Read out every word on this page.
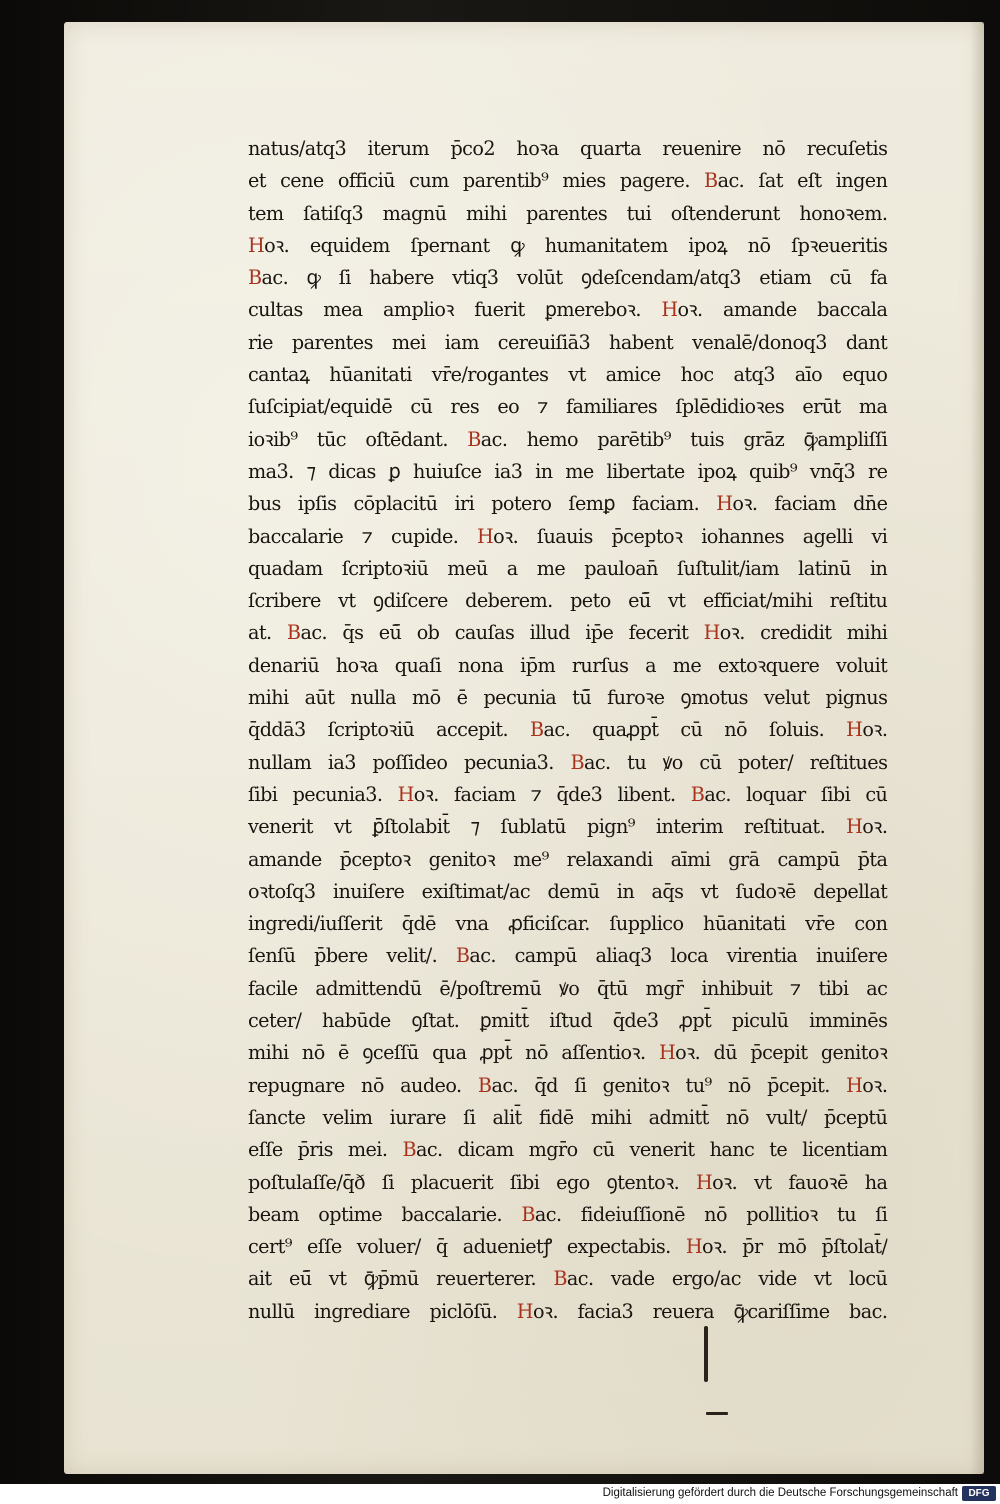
natus/atq3 iterum p̄co2 hoꝛa quarta reuenire nō recuſetis
et cene officiū cum parentib⁹ mies pagere. Bac. ſat eſt ingen
tem ſatiſq3 magnū mihi parentes tui oſtenderunt honoꝛem.
Hoꝛ. equidem ſpernant ꝙ humanitatem ipoꝝ nō ſpꝛeueritis
Bac. ꝙ ſi habere vtiq3 volūt ꝯdeſcendam/atq3 etiam cū fa
cultas mea amplioꝛ fuerit ꝑmereboꝛ. Hoꝛ. amande baccala
rie parentes mei iam cereuiſiā3 habent venalē/donoq3 dant
cantaꝝ hūanitati vr̄e/rogantes vt amice hoc atq3 aīo equo
ſuſcipiat/equidē cū res eo ⁊ familiares ſplēdidioꝛes erūt ma
ioꝛib⁹ tūc oſtēdant. Bac. hemo parētib⁹ tuis grāz ꝙ̄ampliſſi
ma3. ⁊ dicas ꝑ huiuſce ia3 in me libertate ipoꝝ quib⁹ vnq̄3 re
bus ipſis cōplacitū iri potero ſemꝑ faciam. Hoꝛ. faciam dn̄e
baccalarie ⁊ cupide. Hoꝛ. ſuauis p̄ceptoꝛ iohannes agelli vi
quadam ſcriptoꝛiū meū a me pauloan̄ ſuſtulit/iam latinū in
ſcribere vt ꝯdiſcere deberem. peto eū̄ vt efficiat/mihi reſtitu
at. Bac. q̄s eū̄ ob cauſas illud ip̄e fecerit Hoꝛ. credidit mihi
denariū hoꝛa quaſi nona ip̄m rurſus a me extoꝛquere voluit
mihi aūt nulla mō ē pecunia tū̄ furoꝛe ꝯmotus velut pignus
q̄ddā3 ſcriptoꝛiū accepit. Bac. quaꝓpt̄ cū nō ſoluis. Hoꝛ.
nullam ia3 poſſideo pecunia3. Bac. tu ꝟo cū poter/ reſtitues
ſibi pecunia3. Hoꝛ. faciam ⁊ q̄de3 libent. Bac. loquar ſibi cū
venerit vt ꝑ̄ſtolabit̄ ⁊ ſublatū pign⁹ interim reſtituat. Hoꝛ.
amande p̄ceptoꝛ genitoꝛ me⁹ relaxandi aīmi grā campū p̄ta
oꝛtoſq3 inuiſere exiſtimat/ac demū in aq̄s vt ſudoꝛē depellat
ingredi/iuſſerit q̄dē vna ꝓficiſcar. ſupplico hūanitati vr̄e con
ſenſū p̄bere velit/. Bac. campū aliaq3 loca virentia inuiſere
facile admittendū ē/poſtremū ꝟo q̄tū mgr̄ inhibuit ⁊ tibi ac
ceter/ habūde ꝯſtat. ꝑmitt̄ iſtud q̄de3 ꝓpt̄ piculū imminēs
mihi nō ē ꝯceſſū qua ꝓpt̄ nō aſſentioꝛ. Hoꝛ. dū p̄cepit genitoꝛ
repugnare nō audeo. Bac. q̄d ſi genitoꝛ tu⁹ nō p̄cepit. Hoꝛ.
ſancte velim iurare ſi alit̄ fidē mihi admitt̄ nō vult/ p̄ceptū
eſſe p̄ris mei. Bac. dicam mgr̄o cū venerit hanc te licentiam
poſtulaſſe/q̄ð ſi placuerit ſibi ego ꝯtentoꝛ. Hoꝛ. vt fauoꝛē ha
beam optime baccalarie. Bac. fideiuſſionē nō pollitioꝛ tu ſi
cert⁹ eſſe voluer/ q̄ aduenietꝭ expectabis. Hoꝛ. p̄r mō p̄ſtolat̄/
ait eū̄ vt ꝙ̄p̄mū reuerterer. Bac. vade ergo/ac vide vt locū
nullū ingrediare piclōſū. Hoꝛ. facia3 reuera ꝙ̄cariſſime bac.
Digitalisierung gefördert durch die Deutsche Forschungsgemeinschaft	DFG
